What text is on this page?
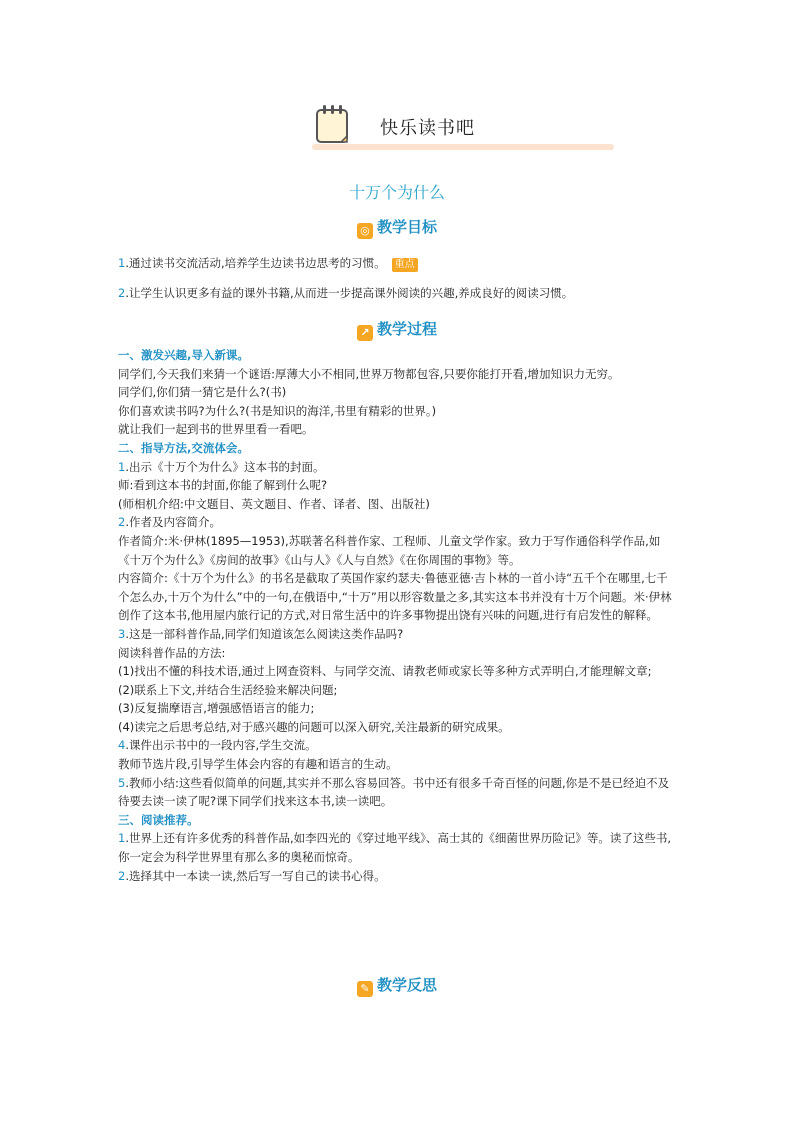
快乐读书吧
十万个为什么
◎ 教学目标

1.通过读书交流活动,培养学生边读书边思考的习惯。 重点

2.让学生认识更多有益的课外书籍,从而进一步提高课外阅读的兴趣,养成良好的阅读习惯。

↗ 教学过程

一、激发兴趣,导入新课。

同学们,今天我们来猜一个谜语:厚薄大小不相同,世界万物都包容,只要你能打开看,增加知识力无穷。

同学们,你们猜一猜它是什么?(书)

你们喜欢读书吗?为什么?(书是知识的海洋,书里有精彩的世界。)

就让我们一起到书的世界里看一看吧。

二、指导方法,交流体会。

1.出示《十万个为什么》这本书的封面。

师:看到这本书的封面,你能了解到什么呢?

(师相机介绍:中文题目、英文题目、作者、译者、图、出版社)

2.作者及内容简介。

作者简介:米·伊林(1895—1953),苏联著名科普作家、工程师、儿童文学作家。致力于写作通俗科学作品,如《十万个为什么》《房间的故事》《山与人》《人与自然》《在你周围的事物》等。

内容简介:《十万个为什么》的书名是截取了英国作家约瑟夫·鲁德亚德·吉卜林的一首小诗“五千个在哪里,七千个怎么办,十万个为什么”中的一句,在俄语中,“十万”用以形容数量之多,其实这本书并没有十万个问题。米·伊林创作了这本书,他用屋内旅行记的方式,对日常生活中的许多事物提出饶有兴味的问题,进行有启发性的解释。

3.这是一部科普作品,同学们知道该怎么阅读这类作品吗?

阅读科普作品的方法:

(1)找出不懂的科技术语,通过上网查资料、与同学交流、请教老师或家长等多种方式弄明白,才能理解文章;

(2)联系上下文,并结合生活经验来解决问题;

(3)反复揣摩语言,增强感悟语言的能力;

(4)读完之后思考总结,对于感兴趣的问题可以深入研究,关注最新的研究成果。

4.课件出示书中的一段内容,学生交流。

教师节选片段,引导学生体会内容的有趣和语言的生动。

5.教师小结:这些看似简单的问题,其实并不那么容易回答。书中还有很多千奇百怪的问题,你是不是已经迫不及待要去读一读了呢?课下同学们找来这本书,读一读吧。

三、阅读推荐。

1.世界上还有许多优秀的科普作品,如李四光的《穿过地平线》、高士其的《细菌世界历险记》等。读了这些书,你一定会为科学世界里有那么多的奥秘而惊奇。

2.选择其中一本读一读,然后写一写自己的读书心得。

✎ 教学反思
